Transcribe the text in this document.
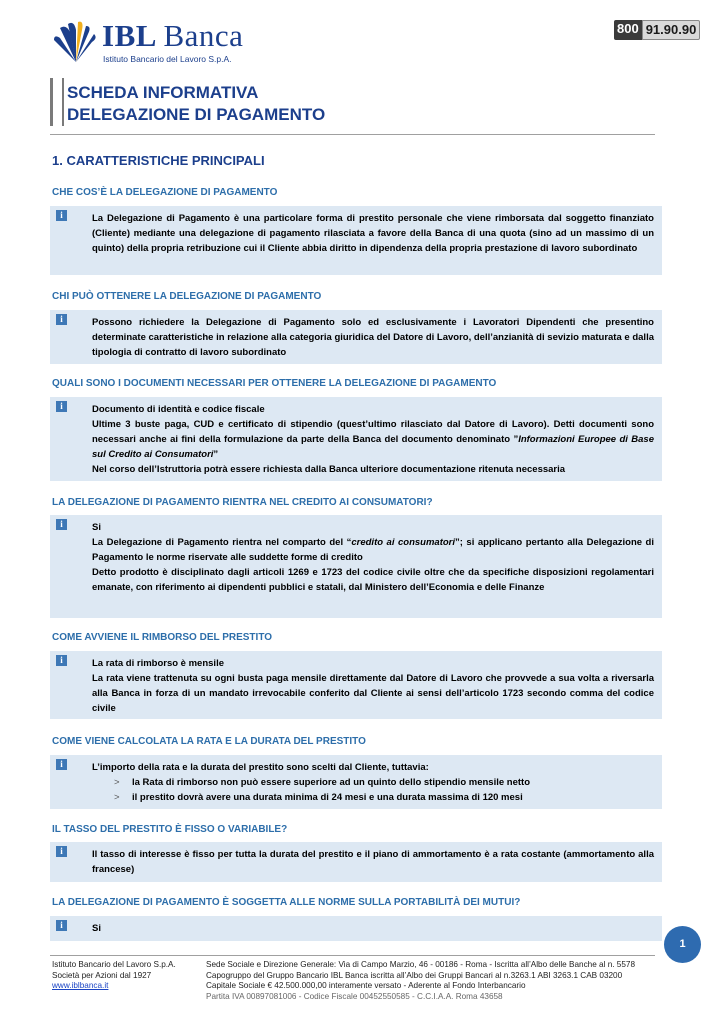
IBL Banca
Istituto Bancario del Lavoro S.p.A.
800 91.90.90
SCHEDA INFORMATIVA
DELEGAZIONE DI PAGAMENTO
1. CARATTERISTICHE PRINCIPALI
CHE COS’È LA DELEGAZIONE DI PAGAMENTO
i	La Delegazione di Pagamento è una particolare forma di prestito personale che viene rimborsata dal soggetto finanziato (Cliente) mediante una delegazione di pagamento rilasciata a favore della Banca di una quota (sino ad un massimo di un quinto) della propria retribuzione cui il Cliente abbia diritto in dipendenza della propria prestazione di lavoro subordinato

CHI PUÒ OTTENERE LA DELEGAZIONE DI PAGAMENTO
i	Possono richiedere la Delegazione di Pagamento solo ed esclusivamente i Lavoratori Dipendenti che presentino determinate caratteristiche in relazione alla categoria giuridica del Datore di Lavoro, dell’anzianità di sevizio maturata e dalla tipologia di contratto di lavoro subordinato

QUALI SONO I DOCUMENTI NECESSARI PER OTTENERE LA DELEGAZIONE DI PAGAMENTO
i	Documento di identità e codice fiscale

Ultime 3 buste paga, CUD e certificato di stipendio (quest’ultimo rilasciato dal Datore di Lavoro). Detti documenti sono necessari anche ai fini della formulazione da parte della Banca del documento denominato ”Informazioni Europee di Base sul Credito ai Consumatori”

Nel corso dell’Istruttoria potrà essere richiesta dalla Banca ulteriore documentazione ritenuta necessaria

LA DELEGAZIONE DI PAGAMENTO RIENTRA NEL CREDITO AI CONSUMATORI?
i	Si

La Delegazione di Pagamento rientra nel comparto del “credito ai consumatori”; si applicano pertanto alla Delegazione di Pagamento le norme riservate alle suddette forme di credito

Detto prodotto è disciplinato dagli articoli 1269 e 1723 del codice civile oltre che da specifiche disposizioni regolamentari emanate, con riferimento ai dipendenti pubblici e statali, dal Ministero dell’Economia e delle Finanze

COME AVVIENE IL RIMBORSO DEL PRESTITO
i	La rata di rimborso è mensile

La rata viene trattenuta su ogni busta paga mensile direttamente dal Datore di Lavoro che provvede a sua volta a riversarla alla Banca in forza di un mandato irrevocabile conferito dal Cliente ai sensi dell’articolo 1723 secondo comma del codice civile

COME VIENE CALCOLATA LA RATA E LA DURATA DEL PRESTITO
i	L’importo della rata e la durata del prestito sono scelti dal Cliente, tuttavia:

> la Rata di rimborso non può essere superiore ad un quinto dello stipendio mensile netto

> il prestito dovrà avere una durata minima di 24 mesi e una durata massima di 120 mesi

IL TASSO DEL PRESTITO È FISSO O VARIABILE?
i	Il tasso di interesse è fisso per tutta la durata del prestito e il piano di ammortamento è a rata costante (ammortamento alla francese)

LA DELEGAZIONE DI PAGAMENTO È SOGGETTA ALLE NORME SULLA PORTABILITÀ DEI MUTUI?
i	Si

1
Istituto Bancario del Lavoro S.p.A.
Società per Azioni dal 1927
www.iblbanca.it
Sede Sociale e Direzione Generale: Via di Campo Marzio, 46 - 00186 - Roma - Iscritta all’Albo delle Banche al n. 5578
Capogruppo del Gruppo Bancario IBL Banca iscritta all’Albo dei Gruppi Bancari al n.3263.1 ABI 3263.1 CAB 03200
Capitale Sociale € 42.500.000,00 interamente versato - Aderente al Fondo Interbancario
Partita IVA 00897081006 - Codice Fiscale 00452550585 - C.C.I.A.A. Roma 43658
